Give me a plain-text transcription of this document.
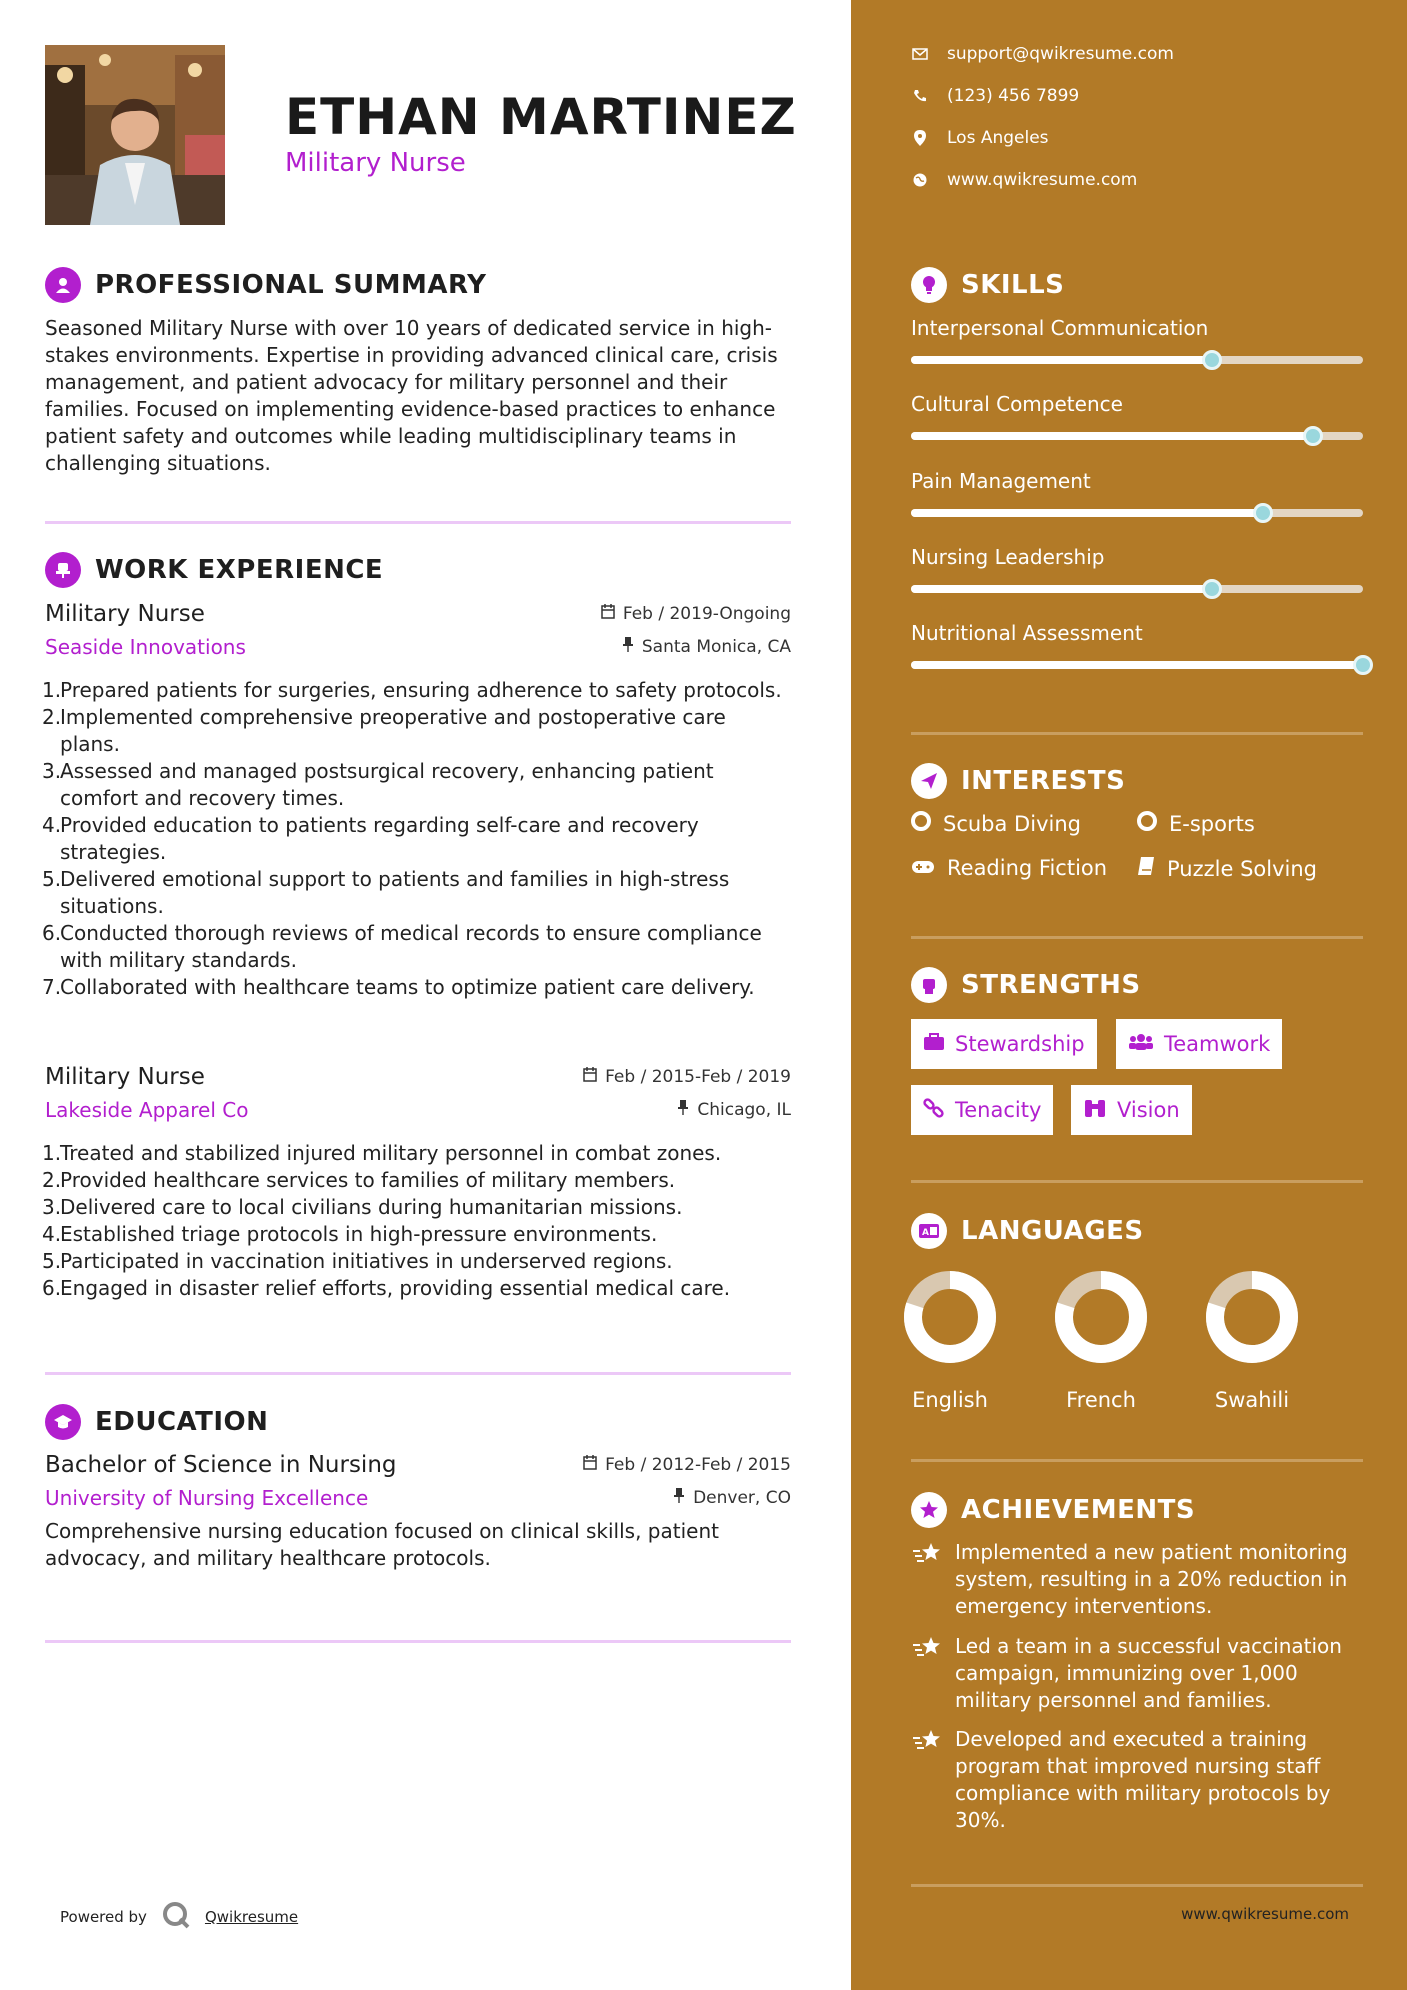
ETHAN MARTINEZ
Military Nurse
PROFESSIONAL SUMMARY
Seasoned Military Nurse with over 10 years of dedicated service in high-stakes environments. Expertise in providing advanced clinical care, crisis management, and patient advocacy for military personnel and their families. Focused on implementing evidence-based practices to enhance patient safety and outcomes while leading multidisciplinary teams in challenging situations.
WORK EXPERIENCE
Military Nurse	Feb / 2019-Ongoing
Seaside Innovations	Santa Monica, CA
1.
Prepared patients for surgeries, ensuring adherence to safety protocols.
2.
Implemented comprehensive preoperative and postoperative care plans.
3.
Assessed and managed postsurgical recovery, enhancing patient comfort and recovery times.
4.
Provided education to patients regarding self-care and recovery strategies.
5.
Delivered emotional support to patients and families in high-stress situations.
6.
Conducted thorough reviews of medical records to ensure compliance with military standards.
7.
Collaborated with healthcare teams to optimize patient care delivery.
Military Nurse	Feb / 2015-Feb / 2019
Lakeside Apparel Co	Chicago, IL
1.
Treated and stabilized injured military personnel in combat zones.
2.
Provided healthcare services to families of military members.
3.
Delivered care to local civilians during humanitarian missions.
4.
Established triage protocols in high-pressure environments.
5.
Participated in vaccination initiatives in underserved regions.
6.
Engaged in disaster relief efforts, providing essential medical care.
EDUCATION
Bachelor of Science in Nursing	Feb / 2012-Feb / 2015
University of Nursing Excellence	Denver, CO
Comprehensive nursing education focused on clinical skills, patient advocacy, and military healthcare protocols.
Powered by	Qwikresume
support@qwikresume.com
(123) 456 7899
Los Angeles
www.qwikresume.com
SKILLS
Interpersonal Communication
Cultural Competence
Pain Management
Nursing Leadership
Nutritional Assessment
INTERESTS
Scuba Diving	E-sports
Reading Fiction	Puzzle Solving
STRENGTHS
Stewardship	Teamwork
Tenacity	Vision
A LANGUAGES
English	French	Swahili
ACHIEVEMENTS
Implemented a new patient monitoring system, resulting in a 20% reduction in emergency interventions.
Led a team in a successful vaccination campaign, immunizing over 1,000 military personnel and families.
Developed and executed a training program that improved nursing staff compliance with military protocols by 30%.
www.qwikresume.com
